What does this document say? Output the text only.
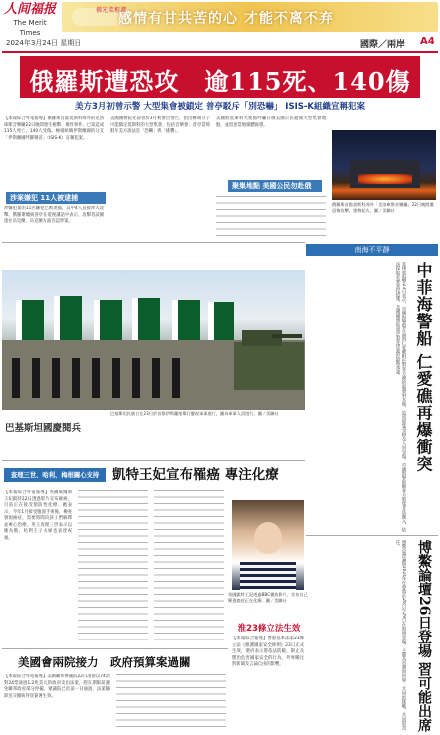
人间福报
The Merit Times
佛光菜根谭
感情有甘共苦的心 才能不离不弃
2024年3月24日 星期日	國際／兩岸 A4
俄羅斯遭恐攻　逾115死、140傷
美方3月初曾示警 大型集會被鎖定 普亭駁斥「別恐嚇」 ISIS-K組織宣稱犯案
【本報綜合外電報導】俄羅斯首都莫斯科郊外的克洛庫斯音樂廳22日晚間發生槍擊、爆炸事件，已知造成115人死亡、140人受傷。極端組織伊斯蘭國的分支「伊斯蘭國呼羅珊省」（ISIS-K）宣稱犯案。
涉案嫌犯 11人被逮捕
涉嫌犯案的11名嫌犯已被逮捕，其中4人直接涉入攻擊。俄羅斯總統普亭在電視講話中表示，攻擊者試圖逃往烏克蘭，烏克蘭方面否認涉案。
美國國務院先前曾於3月初發出警告，指出極端分子可能鎖定莫斯科的大型集會，包括音樂會；普亭當時駁斥美方說法是「恐嚇」與「挑釁」。
美國駐莫斯科大使館呼籲在俄美國公民避開大型集會地點，並留意當地媒體報導。
聚集地點 美國公民勿赴俄
俄羅斯首都莫斯科郊外「克洛庫斯音樂廳」22日晚間遭恐怖攻擊，建物起火。圖／美聯社
巴基斯坦民族日在23日於首都伊斯蘭堡舉行慶祝軍事遊行，圖為軍事人員遊行。圖／美聯社
巴基斯坦國慶閱兵
南海不平靜
中菲海警船 仁愛礁再爆衝突
菲律賓海警23日表示，中國海警船在南海仁愛礁附近對菲方補給船發射水砲，造成船隻受損及人員受傷。中國海警則稱菲方船隻非法闖入，依法採取必要管控措施。美國國務院重申對菲律賓的防衛承諾。
博鰲論壇26日登場 習可能出席
博鰲亞洲論壇2024年年會將於26日至29日在海南登場，主題為亞洲與世界：共同的挑戰，共同的責任。
查理三世、哈利、梅根關心支持 凱特王妃宣布罹癌 專注化療
【本報綜合外電報導】英國威爾斯王妃凱特22日透過影片宣布罹癌，目前正在接受預防性化療。她表示，今年1月接受腹部手術後，檢查發現癌症，需要時間向孩子們解釋並專心治療。英王查理三世表示以她為傲，哈利王子夫婦也表達祝福。
英國凱特王妃透過BBC播放影片，宣布自己罹患癌症正在化療。圖／美聯社
淮23條立法生效
【本報綜合報導】香港基本法第23條立法《維護國家安全條例》23日正式生效，港府表示將依法防範、制止及懲治危害國家安全的行為，外界關注對新聞及言論自由的影響。
美國會兩院接力　政府預算案過關
【本報綜合外電報導】美國聯邦參議院22日凌晨以74票對24票通過1.2兆美元的政府支出法案，趕在期限前避免聯邦政府部分停擺，眾議院已於前一日通過，法案隨即送交總統拜登簽署生效。
